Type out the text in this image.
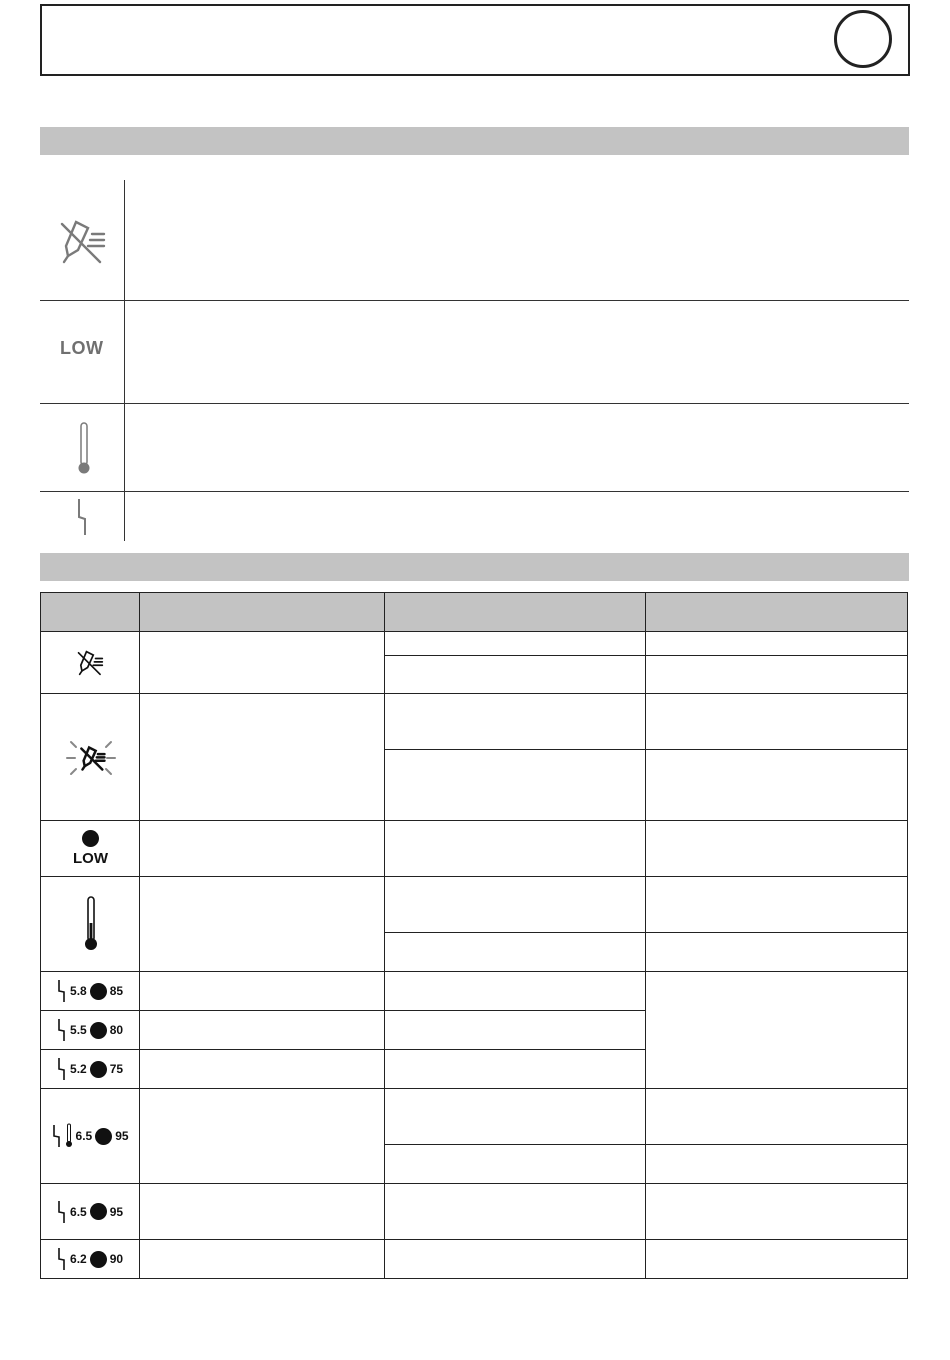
LOW

LOW			

5.8 85			

5.5 80			

5.2 75			

6.5 95			

6.5 95			

6.2 90			
